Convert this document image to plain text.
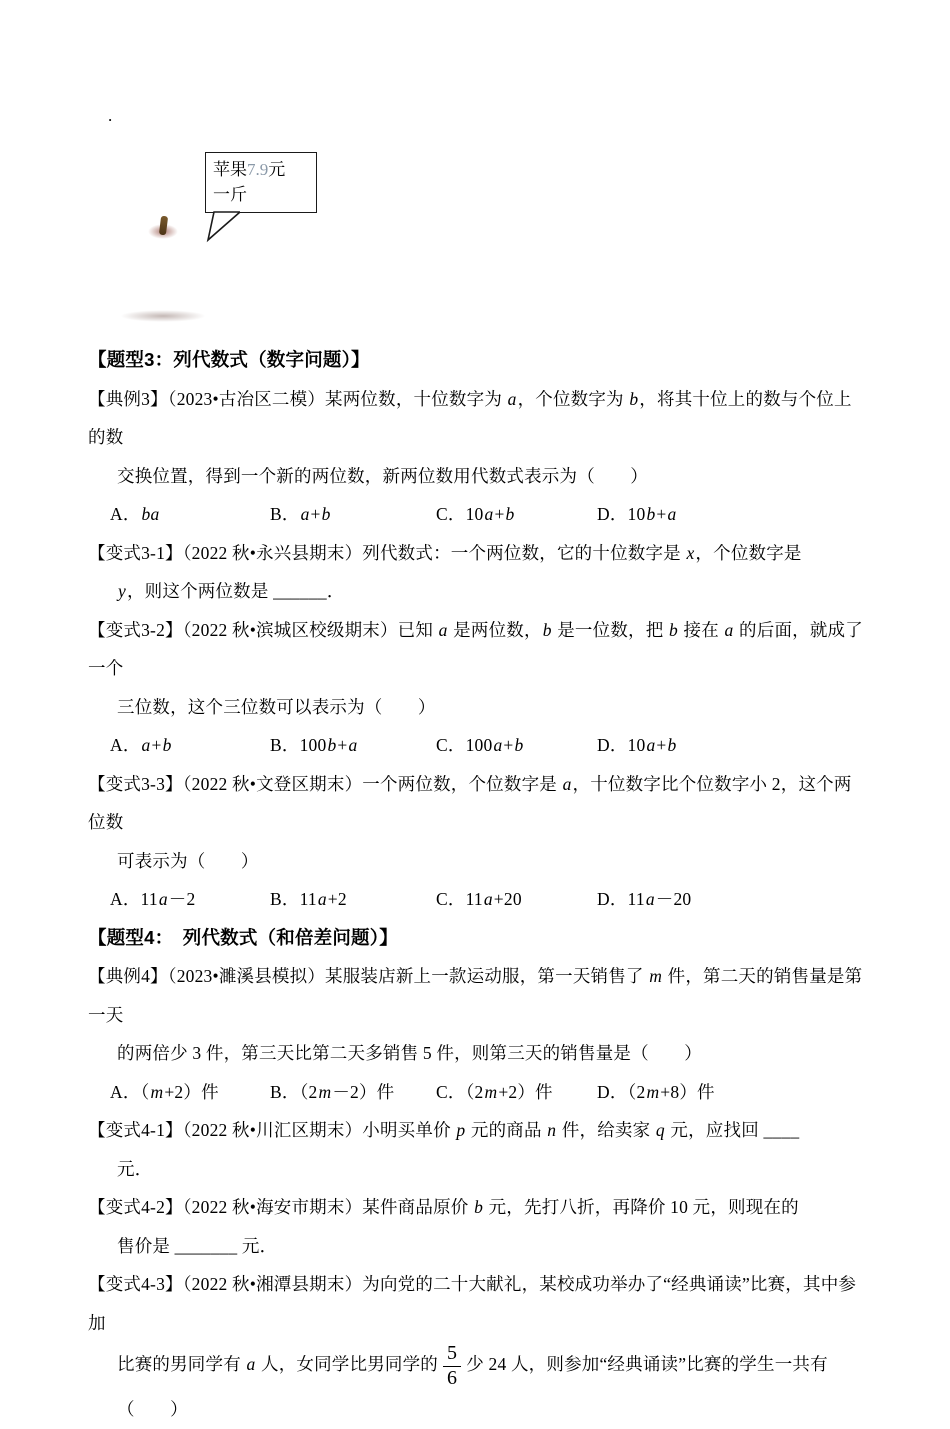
.
苹果7.9元
一斤
【题型3：列代数式（数字问题）】
【典例3】（2023•古冶区二模）某两位数，十位数字为 a，个位数字为 b，将其十位上的数与个位上的数
交换位置，得到一个新的两位数，新两位数用代数式表示为（　　）
A．ba	B．a+b	C．10a+b	D．10b+a
【变式3-1】（2022 秋•永兴县期末）列代数式：一个两位数，它的十位数字是 x，个位数字是
y，则这个两位数是 ______．
【变式3-2】（2022 秋•滨城区校级期末）已知 a 是两位数，b 是一位数，把 b 接在 a 的后面，就成了一个
三位数，这个三位数可以表示为（　　）
A．a+b	B．100b+a	C．100a+b	D．10a+b
【变式3-3】（2022 秋•文登区期末）一个两位数，个位数字是 a，十位数字比个位数字小 2，这个两位数
可表示为（　　）
A．11a－2	B．11a+2	C．11a+20	D．11a－20
【题型4： 列代数式（和倍差问题）】
【典例4】（2023•濉溪县模拟）某服装店新上一款运动服，第一天销售了 m 件，第二天的销售量是第一天
的两倍少 3 件，第三天比第二天多销售 5 件，则第三天的销售量是（　　）
A．（m+2）件	B．（2m－2）件	C．（2m+2）件	D．（2m+8）件
【变式4-1】（2022 秋•川汇区期末）小明买单价 p 元的商品 n 件，给卖家 q 元，应找回 ____
元．
【变式4-2】（2022 秋•海安市期末）某件商品原价 b 元，先打八折，再降价 10 元，则现在的
售价是 _______ 元．
【变式4-3】（2022 秋•湘潭县期末）为向党的二十大献礼，某校成功举办了“经典诵读”比赛，其中参加
比赛的男同学有 a 人，女同学比男同学的 $\frac{5}{6}$ 少 24 人，则参加“经典诵读”比赛的学生一共有（　　）
